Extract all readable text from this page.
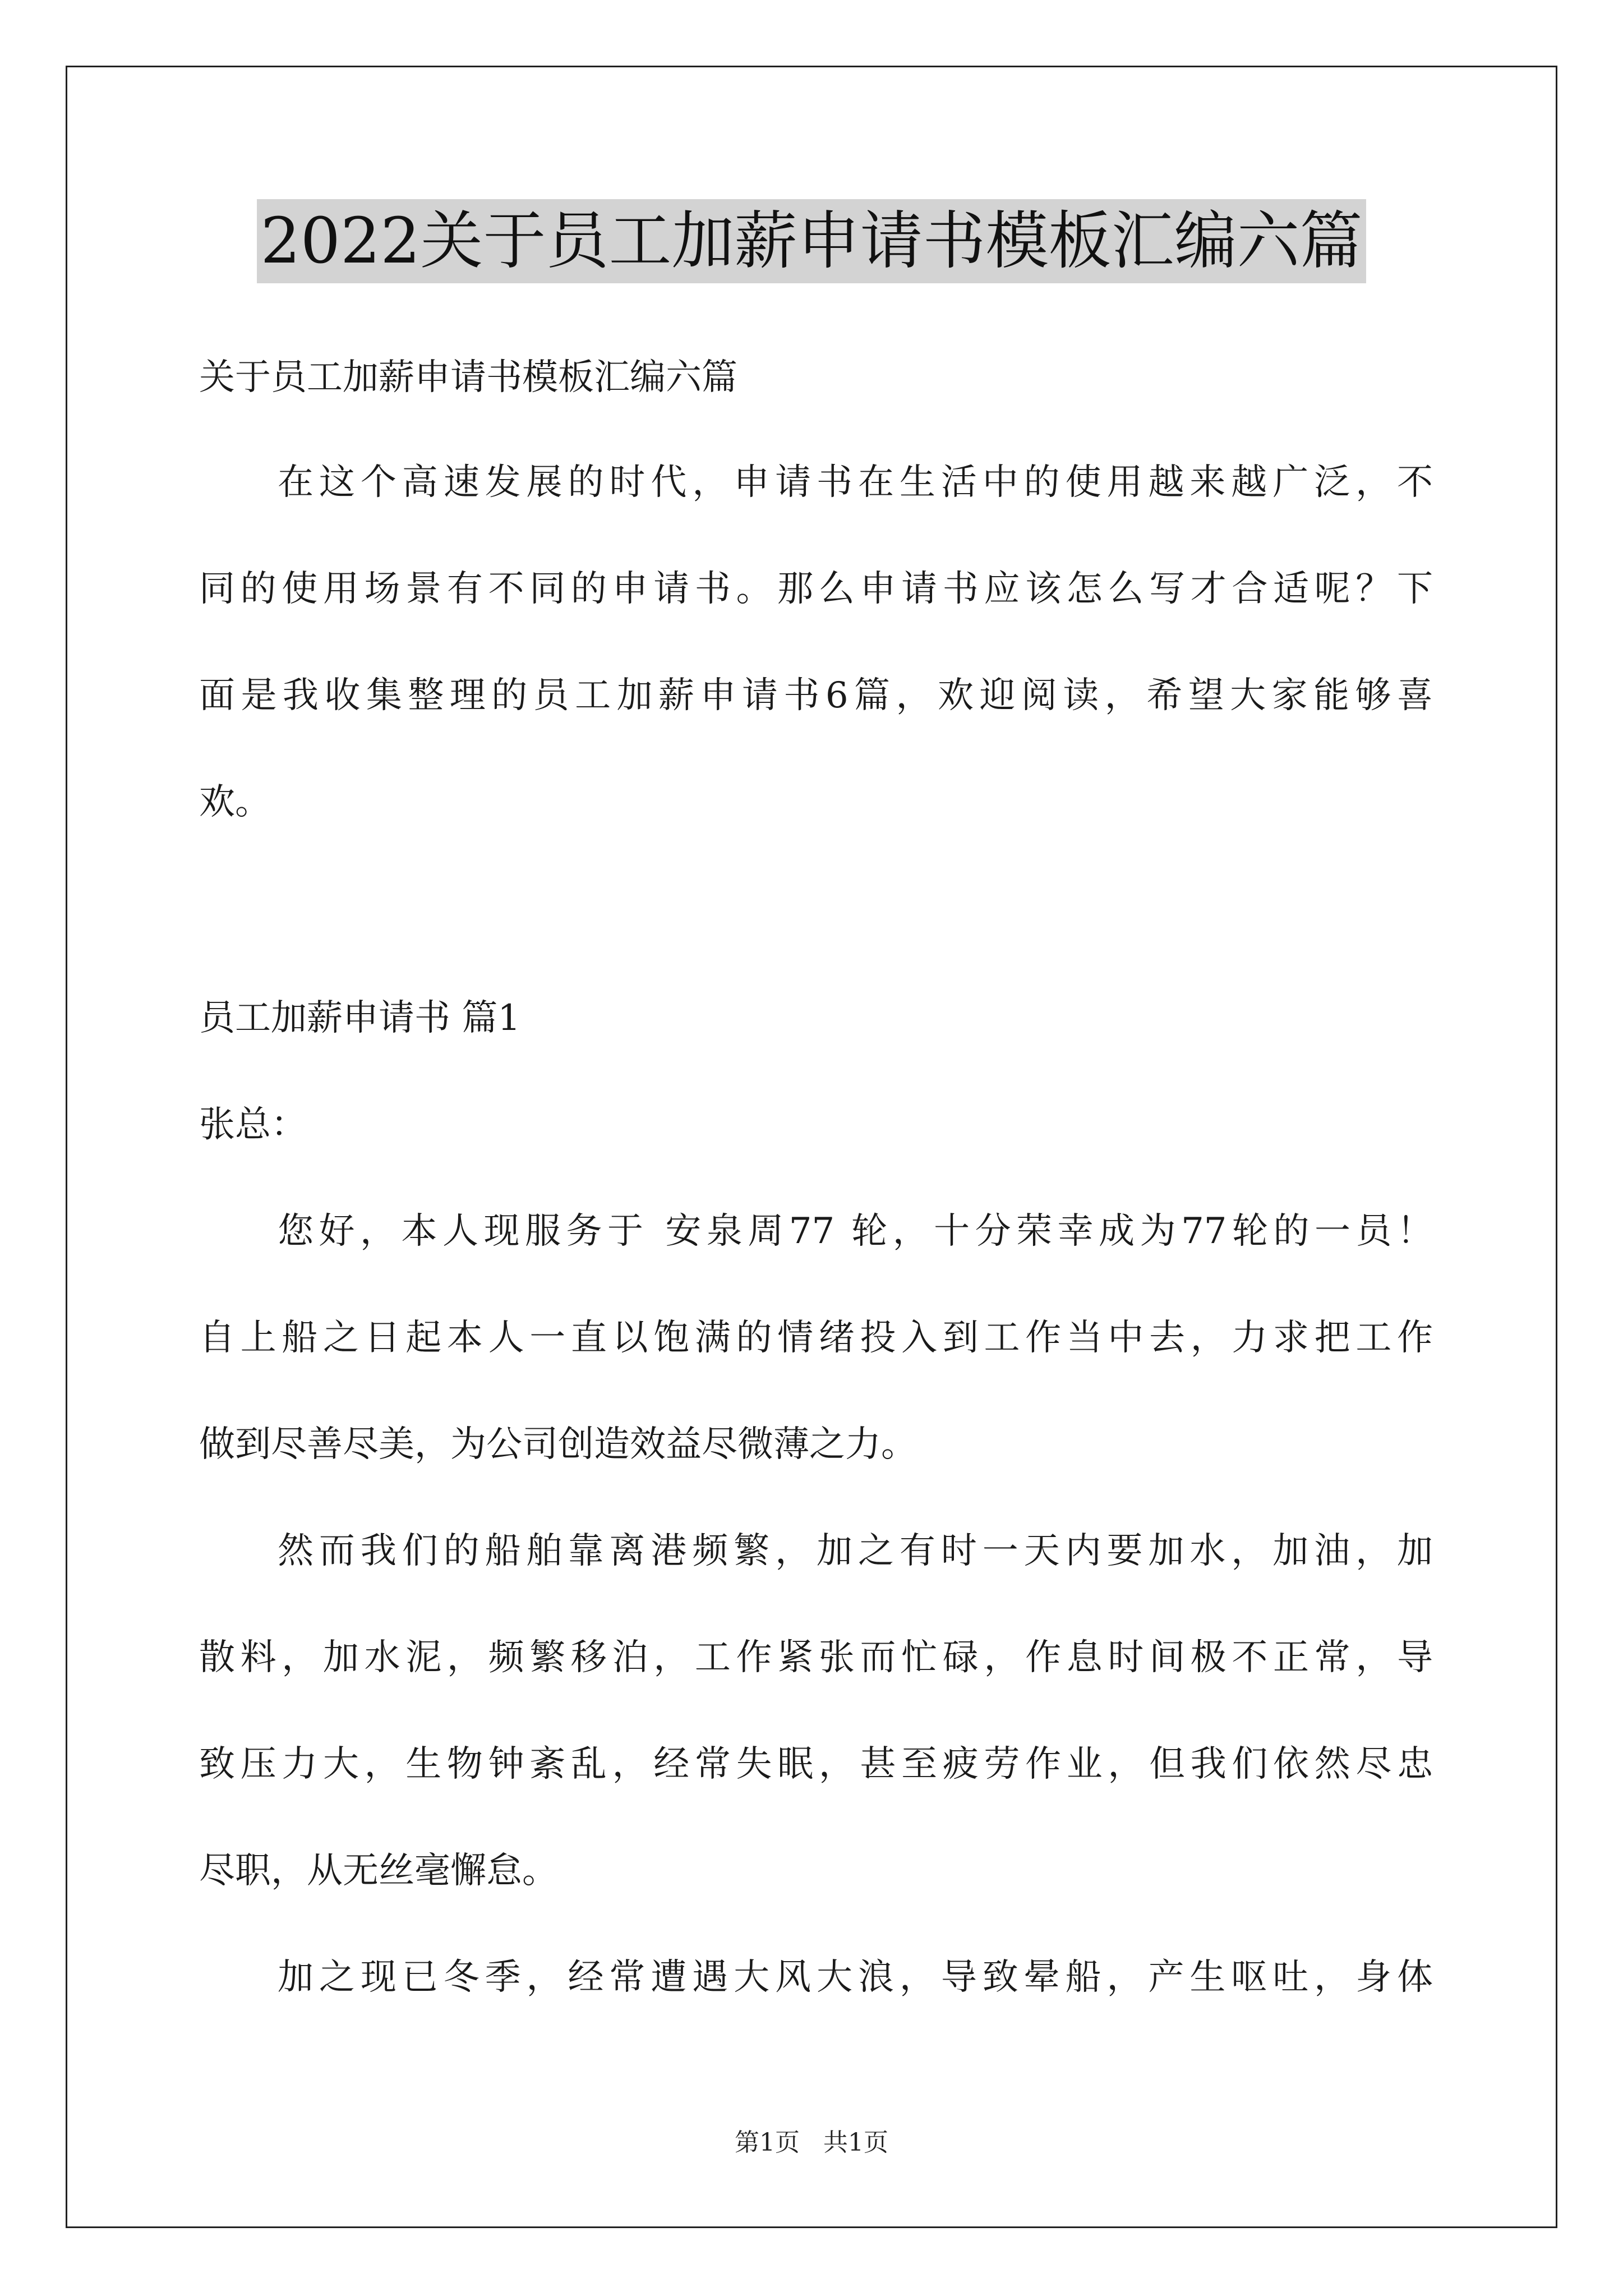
2022关于员工加薪申请书模板汇编六篇
关于员工加薪申请书模板汇编六篇
在这个高速发展的时代，申请书在生活中的使用越来越广泛，不
同的使用场景有不同的申请书。那么申请书应该怎么写才合适呢？下
面是我收集整理的员工加薪申请书6篇，欢迎阅读，希望大家能够喜
欢。
员工加薪申请书 篇1
张总：
您好，本人现服务于 安泉周77 轮，十分荣幸成为77轮的一员！
自上船之日起本人一直以饱满的情绪投入到工作当中去，力求把工作
做到尽善尽美，为公司创造效益尽微薄之力。
然而我们的船舶靠离港频繁，加之有时一天内要加水，加油，加
散料，加水泥，频繁移泊，工作紧张而忙碌，作息时间极不正常，导
致压力大，生物钟紊乱，经常失眠，甚至疲劳作业，但我们依然尽忠
尽职，从无丝毫懈怠。
加之现已冬季，经常遭遇大风大浪，导致晕船，产生呕吐，身体
第1页 共1页
